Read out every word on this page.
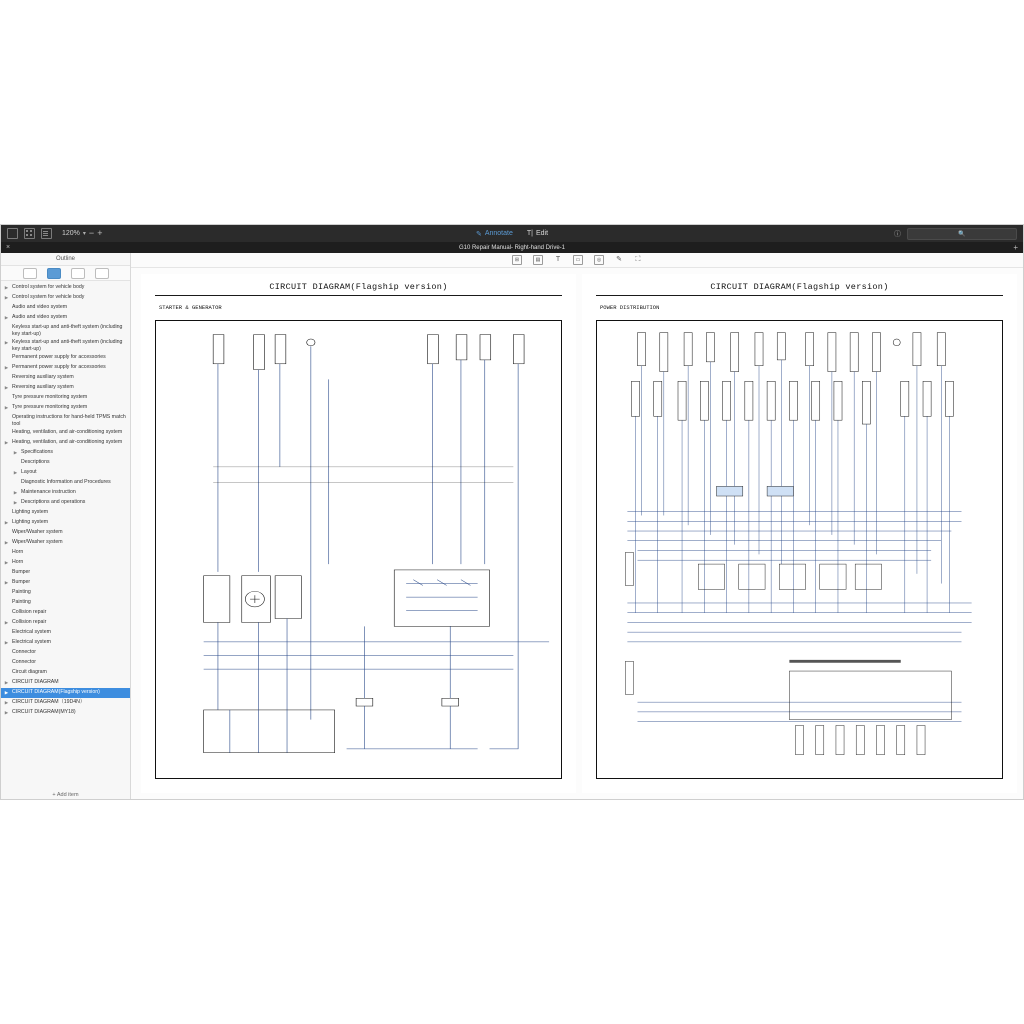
120% ▾ − +	✎ Annotate T| Edit	ⓘ	🔍
×	G10 Repair Manual- Right-hand Drive-1	+
Outline
▶ Control system for vehicle body
▶ Control system for vehicle body
Audio and video system
▶ Audio and video system
Keyless start-up and anti-theft system (including key start-up)
▶ Keyless start-up and anti-theft system (including key start-up)
Permanent power supply for accessories
▶ Permanent power supply for accessories
Reversing auxiliary system
▶ Reversing auxiliary system
Tyre pressure monitoring system
▶ Tyre pressure monitoring system
Operating instructions for hand-held TPMS match tool
Heating, ventilation, and air-conditioning system
▶ Heating, ventilation, and air-conditioning system
▶ Specifications
Descriptions
▶ Layout
Diagnostic Information and Procedures
▶ Maintenance instruction
▶ Descriptions and operations
Lighting system
▶ Lighting system
Wiper/Washer system
▶ Wiper/Washer system
Horn
▶ Horn
Bumper
▶ Bumper
Painting
Painting
Collision repair
▶ Collision repair
Electrical system
▶ Electrical system
Connector
Connector
Circuit diagram
▶ CIRCUIT DIAGRAM
▶ CIRCUIT DIAGRAM(Flagship version)
▶ CIRCUIT DIAGRAM（19D4N）
▶ CIRCUIT DIAGRAM(MY18)
+ Add item
⊞	▤	T	▭	◎	✎ ⛶
CIRCUIT DIAGRAM(Flagship version)
STARTER & GENERATOR
CIRCUIT DIAGRAM(Flagship version)
POWER DISTRIBUTION
